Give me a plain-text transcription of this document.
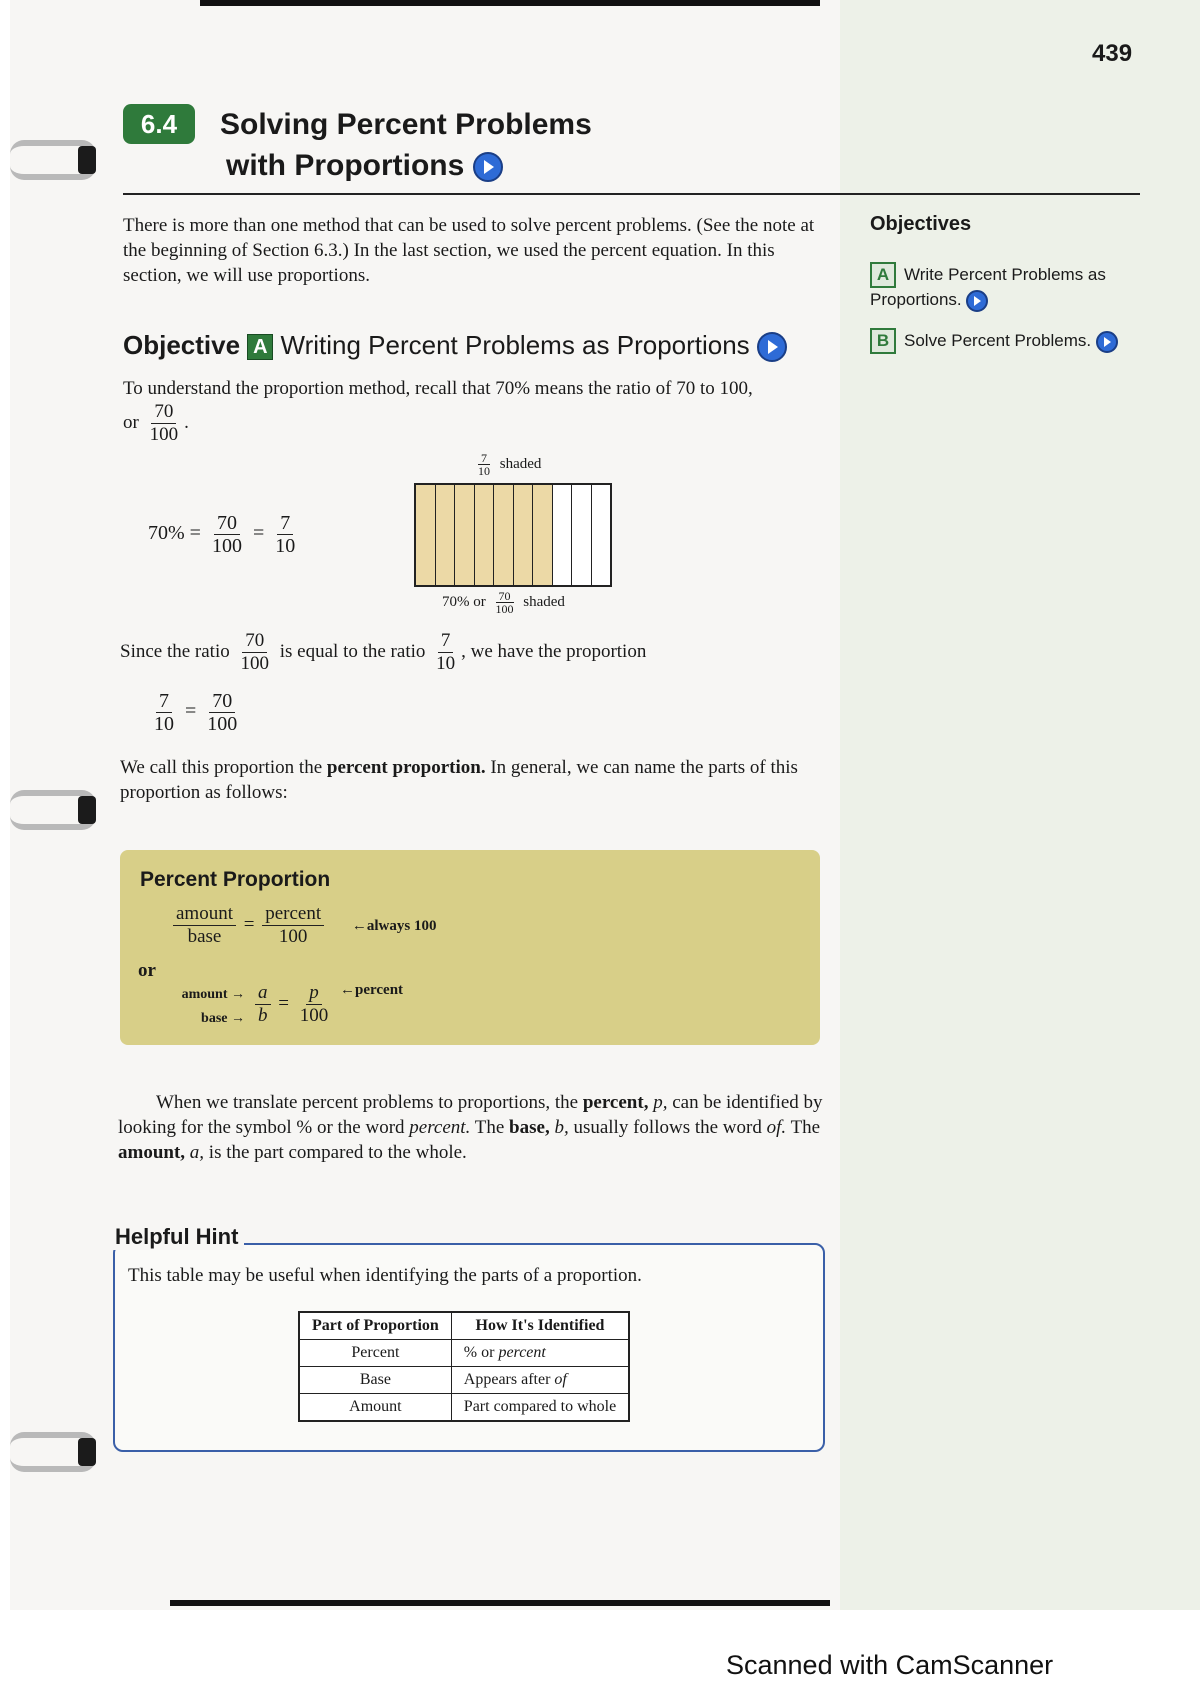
439
6.4	Solving Percent Problems
with Proportions
There is more than one method that can be used to solve percent problems. (See the note at the beginning of Section 6.3.) In the last section, we used the percent equation. In this section, we will use proportions.
Objective A Writing Percent Problems as Proportions
To understand the proportion method, recall that 70% means the ratio of 70 to 100,
or $\frac{70}{100}$ .
$70\% = \frac{70}{100} = \frac{7}{10}$
$\frac{7}{10}$ shaded
70% or $\frac{70}{100}$ shaded
Since the ratio $\frac{70}{100}$ is equal to the ratio $\frac{7}{10}$ , we have the proportion
$\frac{7}{10} = \frac{70}{100}$
We call this proportion the percent proportion. In general, we can name the parts of this proportion as follows:
Percent Proportion
$\frac{\text{amount}}{\text{base}} = \frac{\text{percent}}{100}$ ←always 100
or
amount →
base → $\frac{a}{b} = \frac{p}{100}$ ←percent
When we translate percent problems to proportions, the percent, p, can be identified by looking for the symbol % or the word percent. The base, b, usually follows the word of. The amount, a, is the part compared to the whole.
Helpful Hint
This table may be useful when identifying the parts of a proportion.
Part of Proportion	How It's Identified
Percent	% or percent
Base	Appears after of
Amount	Part compared to whole
Objectives
A Write Percent Problems as Proportions.
B Solve Percent Problems.
Scanned with CamScanner
